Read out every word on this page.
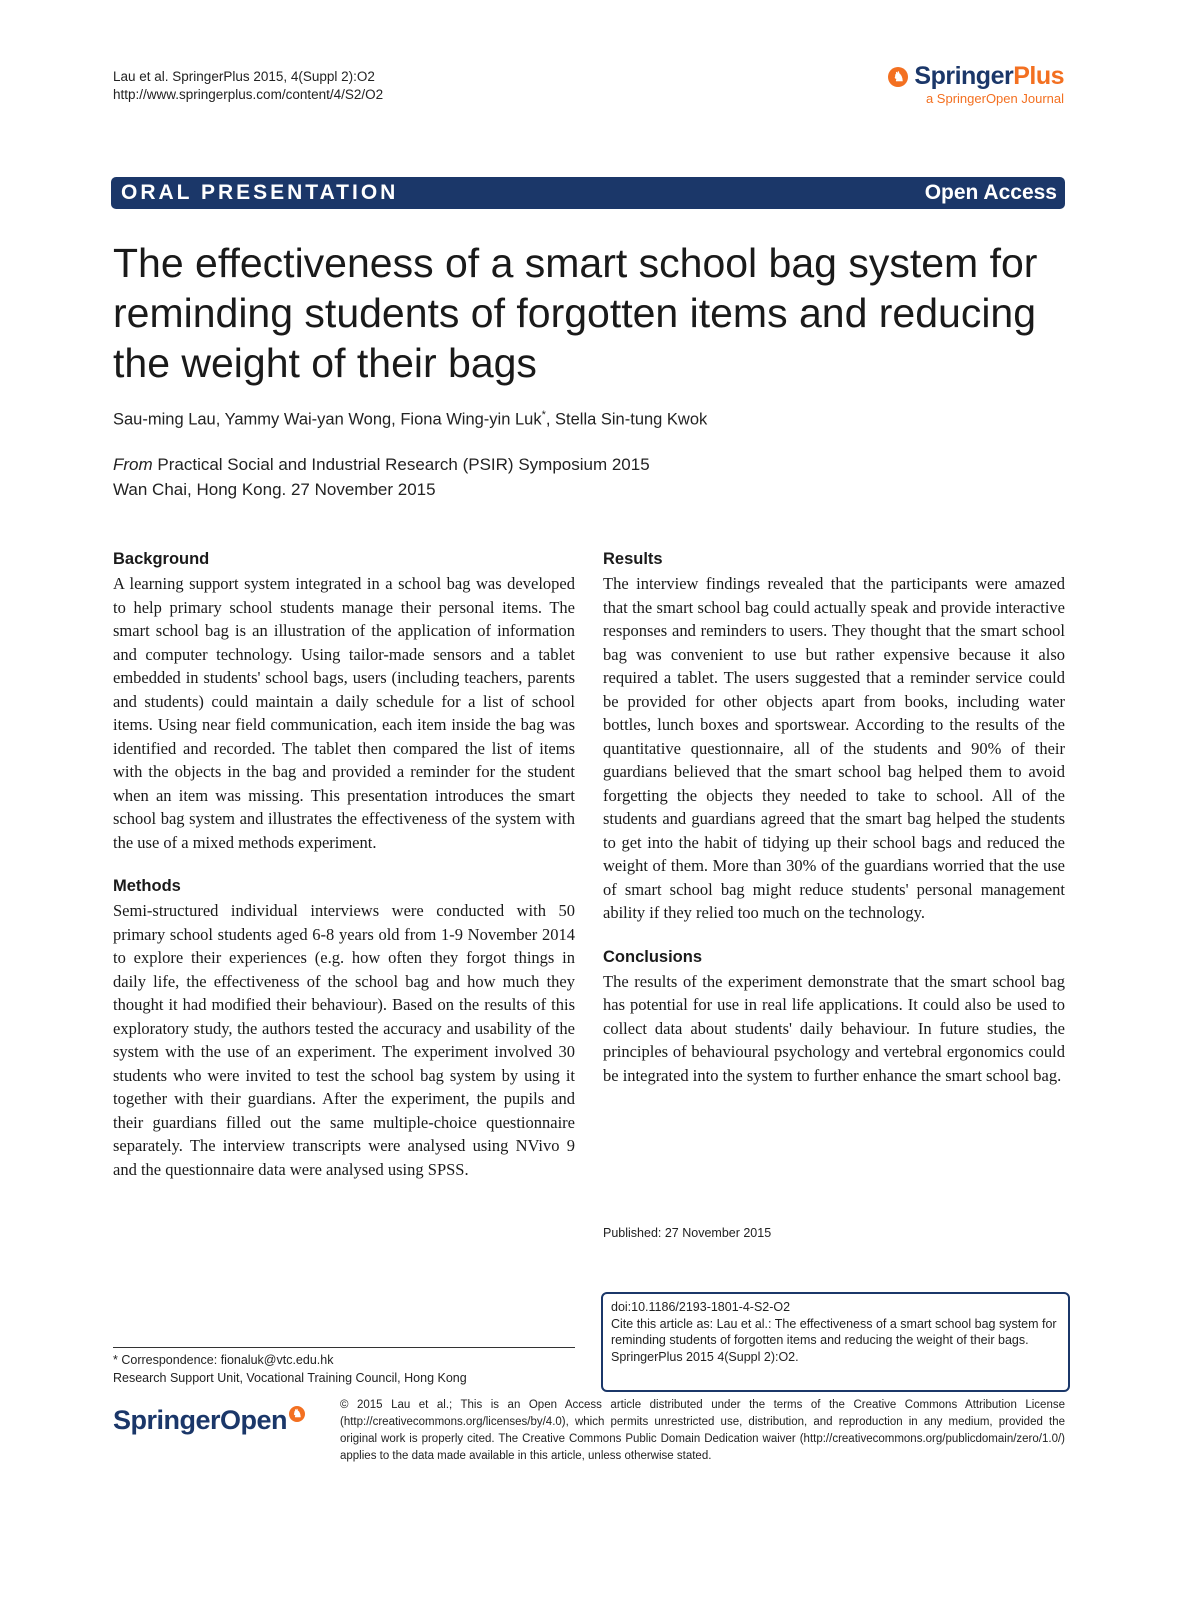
Lau et al. SpringerPlus 2015, 4(Suppl 2):O2
http://www.springerplus.com/content/4/S2/O2
♞ SpringerPlus
a SpringerOpen Journal
ORAL PRESENTATION	Open Access
The effectiveness of a smart school bag system for reminding students of forgotten items and reducing the weight of their bags
Sau-ming Lau, Yammy Wai-yan Wong, Fiona Wing-yin Luk*, Stella Sin-tung Kwok
From Practical Social and Industrial Research (PSIR) Symposium 2015
Wan Chai, Hong Kong. 27 November 2015
Background

A learning support system integrated in a school bag was developed to help primary school students manage their personal items. The smart school bag is an illustration of the application of information and computer technology. Using tailor-made sensors and a tablet embedded in students' school bags, users (including teachers, parents and students) could maintain a daily schedule for a list of school items. Using near field communication, each item inside the bag was identified and recorded. The tablet then compared the list of items with the objects in the bag and provided a reminder for the student when an item was missing. This presentation introduces the smart school bag system and illustrates the effectiveness of the system with the use of a mixed methods experiment.

Methods

Semi-structured individual interviews were conducted with 50 primary school students aged 6-8 years old from 1-9 November 2014 to explore their experiences (e.g. how often they forgot things in daily life, the effectiveness of the school bag and how much they thought it had modified their behaviour). Based on the results of this exploratory study, the authors tested the accuracy and usability of the system with the use of an experiment. The experiment involved 30 students who were invited to test the school bag system by using it together with their guardians. After the experiment, the pupils and their guardians filled out the same multiple-choice questionnaire separately. The interview transcripts were analysed using NVivo 9 and the questionnaire data were analysed using SPSS.

Results

The interview findings revealed that the participants were amazed that the smart school bag could actually speak and provide interactive responses and reminders to users. They thought that the smart school bag was convenient to use but rather expensive because it also required a tablet. The users suggested that a reminder service could be provided for other objects apart from books, including water bottles, lunch boxes and sportswear. According to the results of the quantitative questionnaire, all of the students and 90% of their guardians believed that the smart school bag helped them to avoid forgetting the objects they needed to take to school. All of the students and guardians agreed that the smart bag helped the students to get into the habit of tidying up their school bags and reduced the weight of them. More than 30% of the guardians worried that the use of smart school bag might reduce students' personal management ability if they relied too much on the technology.

Conclusions

The results of the experiment demonstrate that the smart school bag has potential for use in real life applications. It could also be used to collect data about students' daily behaviour. In future studies, the principles of behavioural psychology and vertebral ergonomics could be integrated into the system to further enhance the smart school bag.

Published: 27 November 2015
doi:10.1186/2193-1801-4-S2-O2
Cite this article as: Lau et al.: The effectiveness of a smart school bag system for reminding students of forgotten items and reducing the weight of their bags. SpringerPlus 2015 4(Suppl 2):O2.
* Correspondence: fionaluk@vtc.edu.hk
Research Support Unit, Vocational Training Council, Hong Kong
SpringerOpen ♞
© 2015 Lau et al.; This is an Open Access article distributed under the terms of the Creative Commons Attribution License (http://creativecommons.org/licenses/by/4.0), which permits unrestricted use, distribution, and reproduction in any medium, provided the original work is properly cited. The Creative Commons Public Domain Dedication waiver (http://creativecommons.org/publicdomain/zero/1.0/) applies to the data made available in this article, unless otherwise stated.
